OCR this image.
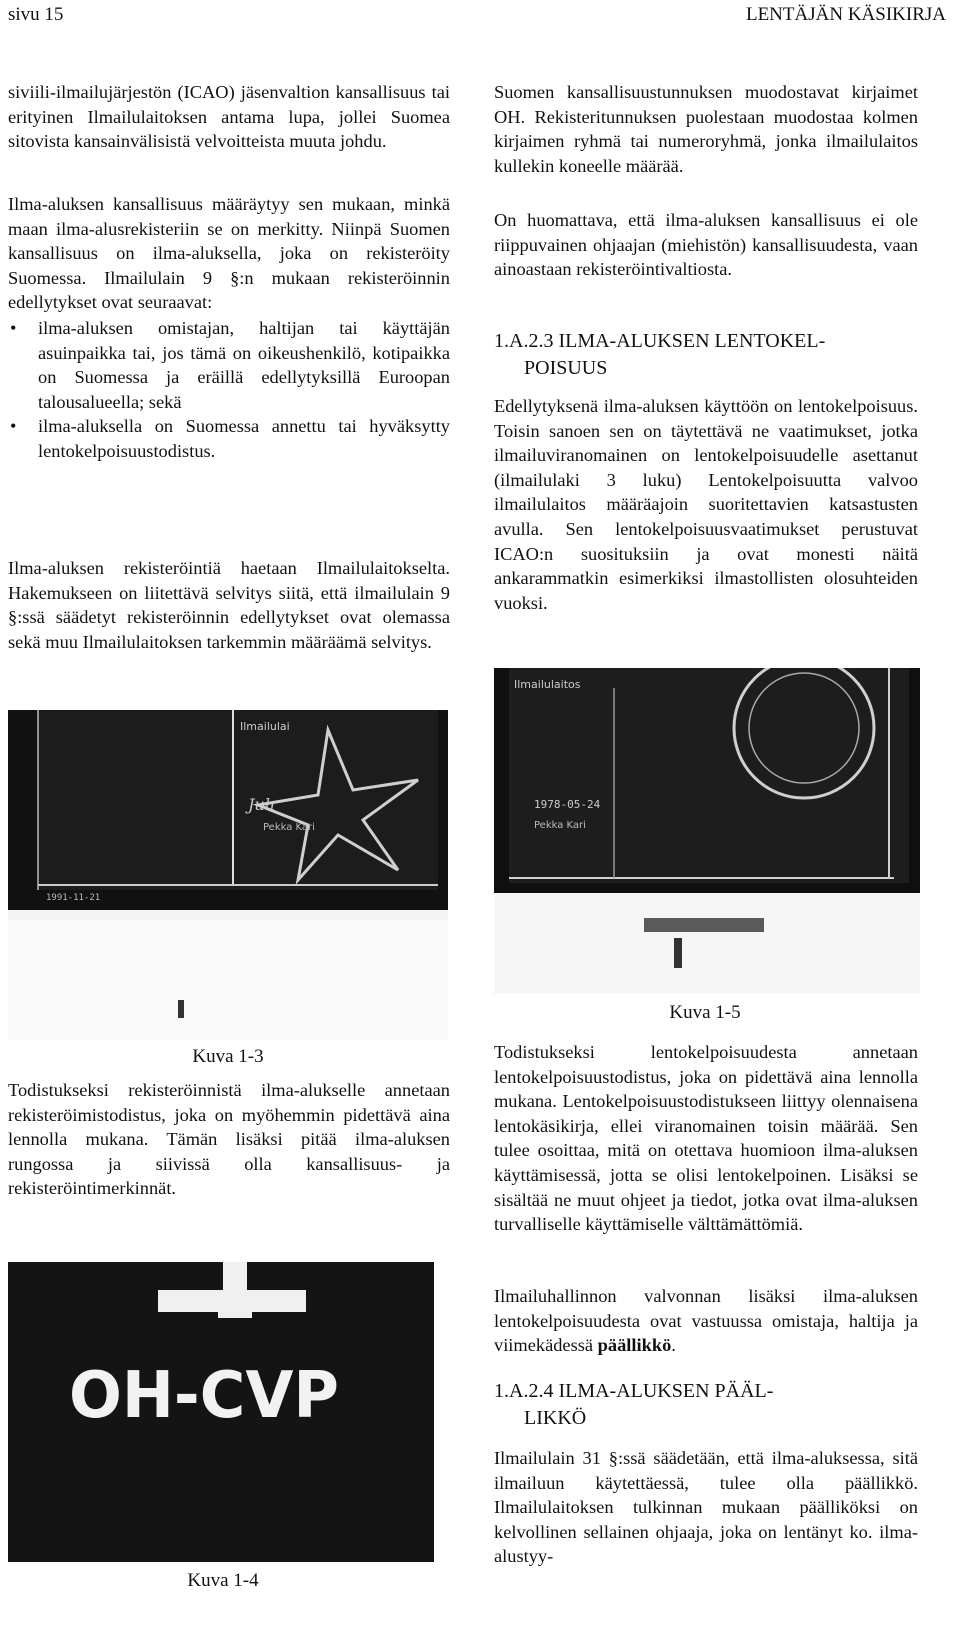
sivu 15	LENTÄJÄN KÄSIKIRJA

siviili-ilmailujärjestön (ICAO) jäsenvaltion kansallisuus tai erityinen Ilmailulaitoksen antama lupa, jollei Suomea sitovista kansainvälisistä velvoitteista muuta johdu.

Ilma-aluksen kansallisuus määräytyy sen mukaan, minkä maan ilma-alusrekisteriin se on merkitty. Niinpä Suomen kansallisuus on ilma-aluksella, joka on rekisteröity Suomessa. Ilmailulain 9 §:n mukaan rekisteröinnin edellytykset ovat seuraavat:

• ilma-aluksen omistajan, haltijan tai käyttäjän asuinpaikka tai, jos tämä on oikeushenkilö, kotipaikka on Suomessa ja eräillä edellytyksillä Euroopan talousalueella; sekä
• ilma-aluksella on Suomessa annettu tai hyväksytty lentokelpoisuustodistus.

Ilma-aluksen rekisteröintiä haetaan Ilmailulaitokselta. Hakemukseen on liitettävä selvitys siitä, että ilmailulain 9 §:ssä säädetyt rekisteröinnin edellytykset ovat olemassa sekä muu Ilmailulaitoksen tarkemmin määräämä selvitys.

Ilmailulai
Juh
Pekka Kari
1991-11-21
Kuva 1-3

Todistukseksi rekisteröinnistä ilma-alukselle annetaan rekisteröimistodistus, joka on myöhemmin pidettävä aina lennolla mukana. Tämän lisäksi pitää ilma-aluksen rungossa ja siivissä olla kansallisuus- ja rekisteröintimerkinnät.

OH-CVP
Kuva 1-4

Suomen kansallisuustunnuksen muodostavat kirjaimet OH. Rekisteritunnuksen puolestaan muodostaa kolmen kirjaimen ryhmä tai numeroryhmä, jonka ilmailulaitos kullekin koneelle määrää.

On huomattava, että ilma-aluksen kansallisuus ei ole riippuvainen ohjaajan (miehistön) kansallisuudesta, vaan ainoastaan rekisteröintivaltiosta.

1.A.2.3 ILMA-ALUKSEN LENTOKEL-
POISUUS

Edellytyksenä ilma-aluksen käyttöön on lentokelpoisuus. Toisin sanoen sen on täytettävä ne vaatimukset, jotka ilmailuviranomainen on lentokelpoisuudelle asettanut (ilmailulaki 3 luku) Lentokelpoisuutta valvoo ilmailulaitos määräajoin suoritettavien katsastusten avulla. Sen lentokelpoisuusvaatimukset perustuvat ICAO:n suosituksiin ja ovat monesti näitä ankarammatkin esimerkiksi ilmastollisten olosuhteiden vuoksi.

Ilmailulaitos
1978-05-24
Pekka Kari
Kuva 1-5

Todistukseksi lentokelpoisuudesta annetaan lentokelpoisuustodistus, joka on pidettävä aina lennolla mukana. Lentokelpoisuustodistukseen liittyy olennaisena lentokäsikirja, ellei viranomainen toisin määrää. Sen tulee osoittaa, mitä on otettava huomioon ilma-aluksen käyttämisessä, jotta se olisi lentokelpoinen. Lisäksi se sisältää ne muut ohjeet ja tiedot, jotka ovat ilma-aluksen turvalliselle käyttämiselle välttämättömiä.

Ilmailuhallinnon valvonnan lisäksi ilma-aluksen lentokelpoisuudesta ovat vastuussa omistaja, haltija ja viimekädessä päällikkö.

1.A.2.4 ILMA-ALUKSEN PÄÄL-
LIKKÖ

Ilmailulain 31 §:ssä säädetään, että ilma-aluksessa, sitä ilmailuun käytettäessä, tulee olla päällikkö. Ilmailulaitoksen tulkinnan mukaan päälliköksi on kelvollinen sellainen ohjaaja, joka on lentänyt ko. ilma-alustyy-
